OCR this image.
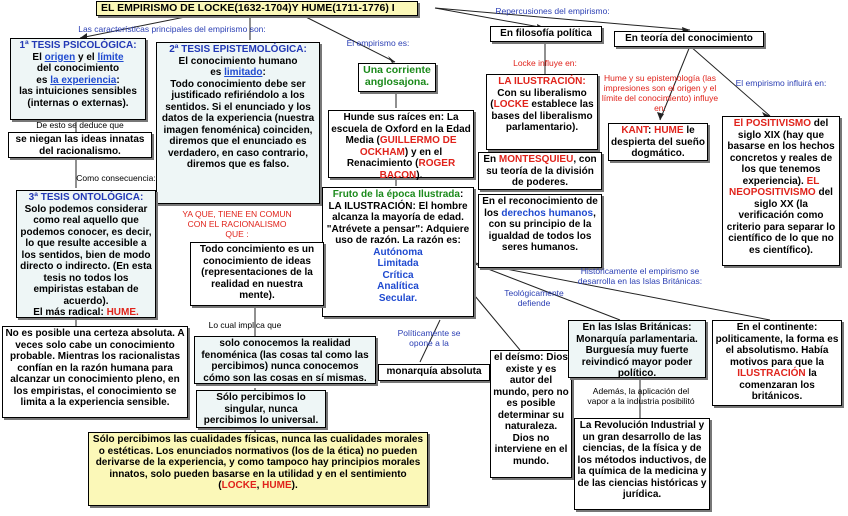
EL EMPIRISMO DE LOCKE(1632-1704)Y HUME(1711-1776) I
Las características principales del empirismo son:
Repercusiones del empirismo:
El empirismo es:
En filosofía política	En teoría del conocimiento
1ª TESIS PSICOLÓGICA:
El origen y el límite
del conocimiento
es la experiencia:
las intuiciones sensibles (internas o externas).
2ª TESIS EPISTEMOLÓGICA:
El conocimiento humano
es limitado:
Todo conocimiento debe ser justificado refiriéndolo a los sentidos. Si el enunciado y los datos de la experiencia (nuestra imagen fenoménica) coinciden, diremos que el enunciado es verdadero, en caso contrario, diremos que es falso.
Una corriente anglosajona.
De esto se deduce que
se niegan las ideas innatas del racionalismo.
Como consecuencia:
3ª TESIS ONTOLÓGICA:
Solo podemos considerar como real aquello que podemos conocer, es decir, lo que resulte accesible a los sentidos, bien de modo directo o indirecto. (En esta tesis no todos los empiristas estaban de acuerdo).
El más radical: HUME.
Hunde sus raíces en: La escuela de Oxford en la Edad Media (GUILLERMO DE OCKHAM) y en el Renacimiento (ROGER BACON).
Fruto de la época Ilustrada:
LA ILUSTRACIÓN: El hombre alcanza la mayoría de edad. "Atrévete a pensar": Adquiere uso de razón. La razón es:
Autónoma
Limitada
Crítica
Analítica
Secular.
YA QUE, TIENE EN COMUN CON EL RACIONALISMO QUE :
Locke influye en:
LA ILUSTRACIÓN:
Con su liberalismo (LOCKE establece las bases del liberalismo parlamentario).
En MONTESQUIEU, con su teoría de la división de poderes.
En el reconocimiento de los derechos humanos, con su principio de la igualdad de todos los seres humanos.
Hume y su epistemología (las impresiones son el origen y el límite del conocimiento) influye en:
El empirismo influirá en:
KANT: HUME le despierta del sueño dogmático.
El POSITIVISMO del siglo XIX (hay que basarse en los hechos concretos y reales de los que tenemos experiencia). EL NEOPOSITIVISMO del siglo XX (la verificación como criterio para separar lo científico de lo que no es científico).
Todo concimiento es un conocimiento de ideas (representaciones de la realidad en nuestra mente).
Lo cual implica que
No es posible una certeza absoluta. A veces solo cabe un conocimiento probable. Mientras los racionalistas confían en la razón humana para alcanzar un conocimiento pleno, en los empiristas, el conocimiento se limita a la experiencia sensible.
solo conocemos la realidad fenoménica (las cosas tal como las percibimos) nunca conocemos cómo son las cosas en sí mismas.
Políticamente se opone a la
monarquía absoluta
Históricamente el empirismo se desarrolla en las Islas Británicas:
Teológicamente defiende
el deísmo: Dios existe y es autor del mundo, pero no es posible determinar su naturaleza. Dios no interviene en el mundo.
En las Islas Británicas: Monarquía parlamentaria. Burguesía muy fuerte reivindicó mayor poder político.
En el continente: politicamente, la forma es el absolutismo. Había motivos para que la ILUSTRACIÓN la comenzaran los británicos.
Además, la aplicación del vapor a la industria posibilitó
La Revolución Industrial y un gran desarrollo de las ciencias, de la física y de los métodos inductivos, de la química de la medicina y de las ciencias históricas y jurídica.
Sólo percibimos lo singular, nunca percibimos lo universal.
Sólo percibimos las cualidades físicas, nunca las cualidades morales o estéticas. Los enunciados normativos (los de la ética) no pueden derivarse de la experiencia, y como tampoco hay principios morales innatos, solo pueden basarse en la utilidad y en el sentimiento (LOCKE, HUME).
